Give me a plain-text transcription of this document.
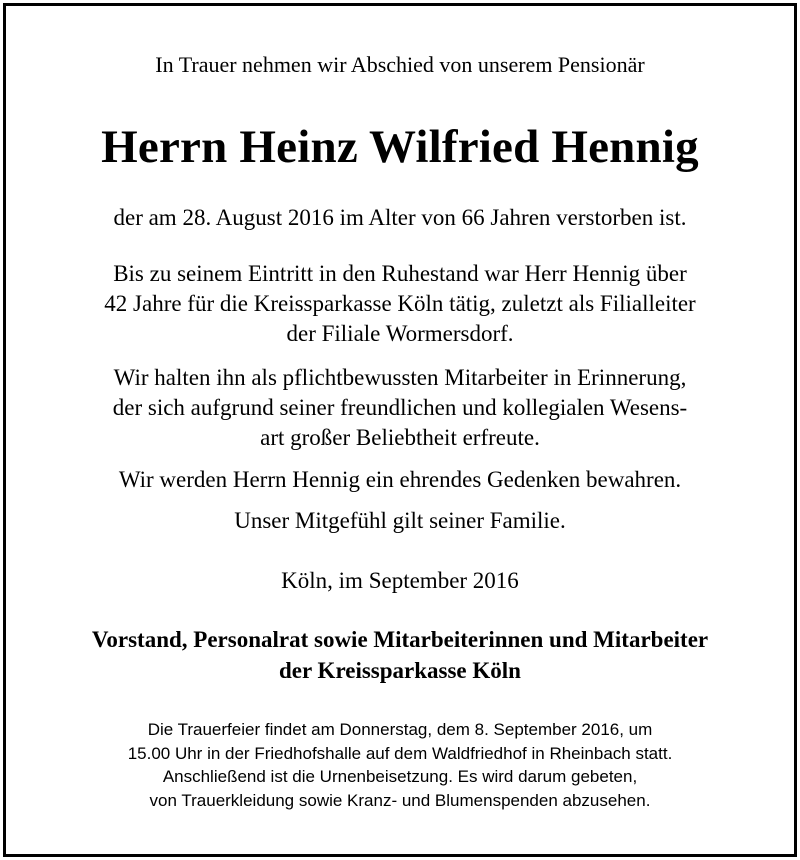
In Trauer nehmen wir Abschied von unserem Pensionär
Herrn Heinz Wilfried Hennig
der am 28. August 2016 im Alter von 66 Jahren verstorben ist.
Bis zu seinem Eintritt in den Ruhestand war Herr Hennig über
42 Jahre für die Kreissparkasse Köln tätig, zuletzt als Filialleiter
der Filiale Wormersdorf.
Wir halten ihn als pflichtbewussten Mitarbeiter in Erinnerung,
der sich aufgrund seiner freundlichen und kollegialen Wesens-
art großer Beliebtheit erfreute.
Wir werden Herrn Hennig ein ehrendes Gedenken bewahren.
Unser Mitgefühl gilt seiner Familie.
Köln, im September 2016
Vorstand, Personalrat sowie Mitarbeiterinnen und Mitarbeiter
der Kreissparkasse Köln
Die Trauerfeier findet am Donnerstag, dem 8. September 2016, um
15.00 Uhr in der Friedhofshalle auf dem Waldfriedhof in Rheinbach statt.
Anschließend ist die Urnenbeisetzung. Es wird darum gebeten,
von Trauerkleidung sowie Kranz- und Blumenspenden abzusehen.
